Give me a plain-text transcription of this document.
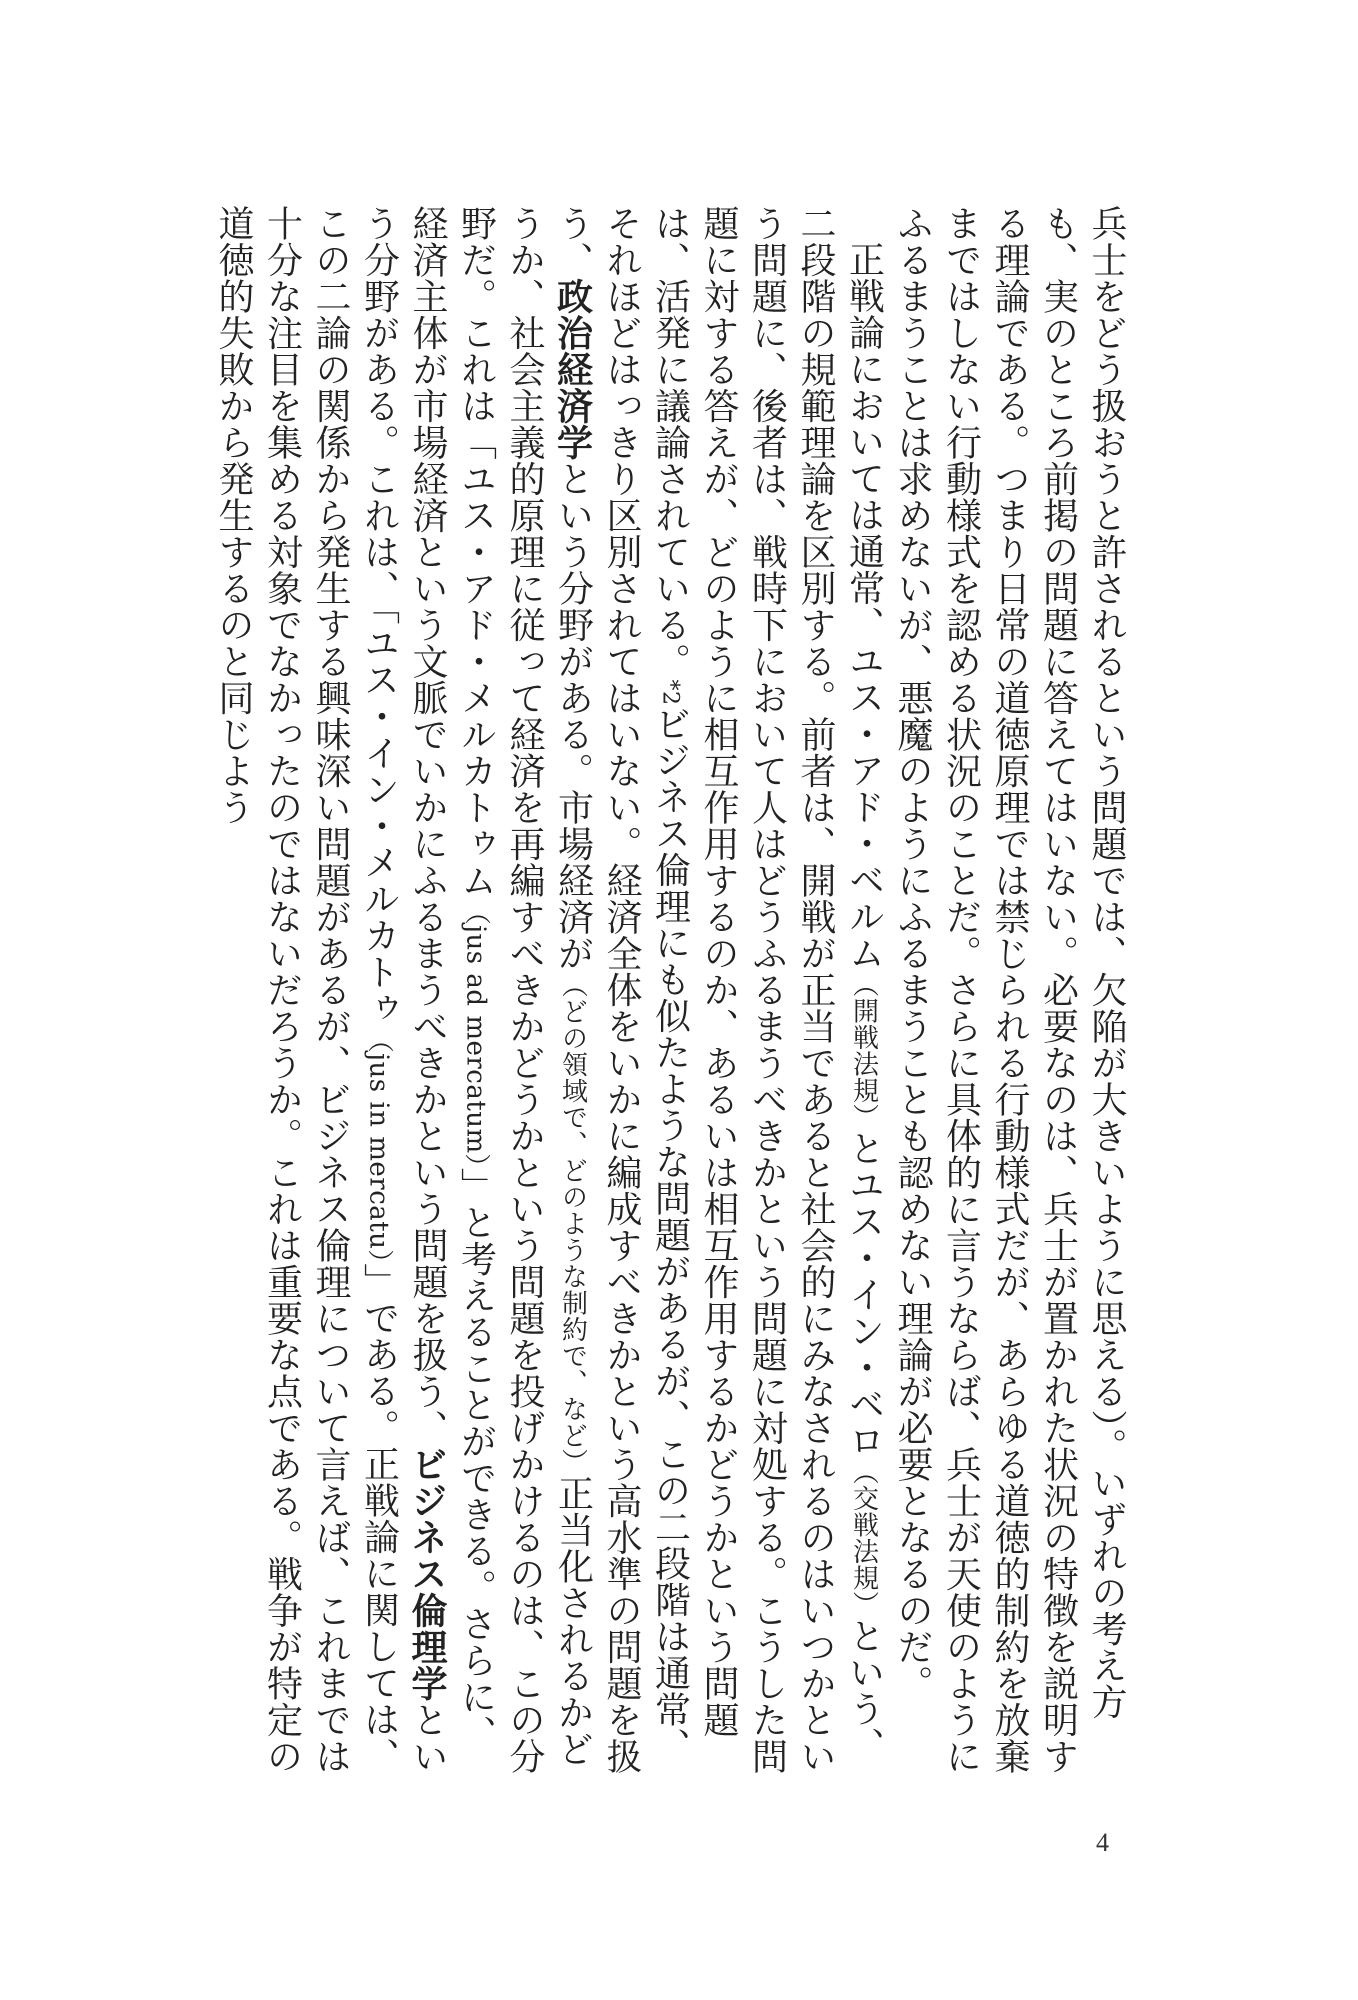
兵士をどう扱おうと許されるという問題では、欠陥が大きいように思える）。いずれの考え方も、実のところ前掲の問題に答えてはいない。必要なのは、兵士が置かれた状況の特徴を説明する理論である。つまり日常の道徳原理では禁じられる行動様式だが、あらゆる道徳的制約を放棄まではしない行動様式を認める状況のことだ。さらに具体的に言うならば、兵士が天使のようにふるまうことは求めないが、悪魔のようにふるまうことも認めない理論が必要となるのだ。

正戦論においては通常、ユス・アド・ベルム（開戦法規）とユス・イン・ベロ（交戦法規）という、二段階の規範理論を区別する。前者は、開戦が正当であると社会的にみなされるのはいつかという問題に、後者は、戦時下において人はどうふるまうべきかという問題に対処する。こうした問題に対する答えが、どのように相互作用するのか、あるいは相互作用するかどうかという問題は、活発に議論されている。*2ビジネス倫理にも似たような問題があるが、この二段階は通常、それほどはっきり区別されてはいない。経済全体をいかに編成すべきかという高水準の問題を扱う、政治経済学という分野がある。市場経済が（どの領域で、どのような制約で、など）正当化されるかどうか、社会主義的原理に従って経済を再編すべきかどうかという問題を投げかけるのは、この分野だ。これは「ユス・アド・メルカトゥム（jus ad mercatum）」と考えることができる。さらに、経済主体が市場経済という文脈でいかにふるまうべきかという問題を扱う、ビジネス倫理学という分野がある。これは、「ユス・イン・メルカトゥ（jus in mercatu）」である。正戦論に関しては、この二論の関係から発生する興味深い問題があるが、ビジネス倫理について言えば、これまでは十分な注目を集める対象でなかったのではないだろうか。これは重要な点である。戦争が特定の道徳的失敗から発生するのと同じよう

4
